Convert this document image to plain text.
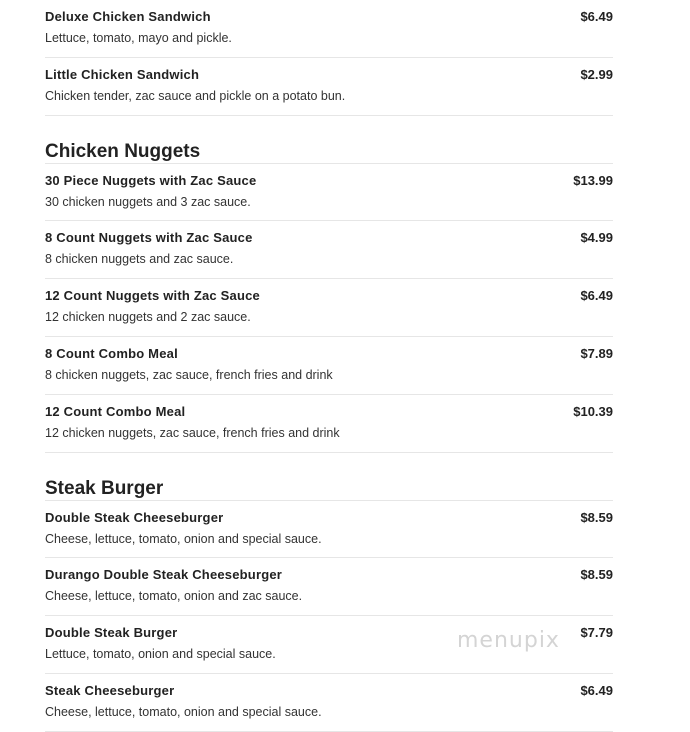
Deluxe Chicken Sandwich	$6.49
Lettuce, tomato, mayo and pickle.
Little Chicken Sandwich	$2.99
Chicken tender, zac sauce and pickle on a potato bun.
Chicken Nuggets
30 Piece Nuggets with Zac Sauce	$13.99
30 chicken nuggets and 3 zac sauce.
8 Count Nuggets with Zac Sauce	$4.99
8 chicken nuggets and zac sauce.
12 Count Nuggets with Zac Sauce	$6.49
12 chicken nuggets and 2 zac sauce.
8 Count Combo Meal	$7.89
8 chicken nuggets, zac sauce, french fries and drink
12 Count Combo Meal	$10.39
12 chicken nuggets, zac sauce, french fries and drink
Steak Burger
Double Steak Cheeseburger	$8.59
Cheese, lettuce, tomato, onion and special sauce.
Durango Double Steak Cheeseburger	$8.59
Cheese, lettuce, tomato, onion and zac sauce.
Double Steak Burger	$7.79
Lettuce, tomato, onion and special sauce.
Steak Cheeseburger	$6.49
Cheese, lettuce, tomato, onion and special sauce.
menupix
